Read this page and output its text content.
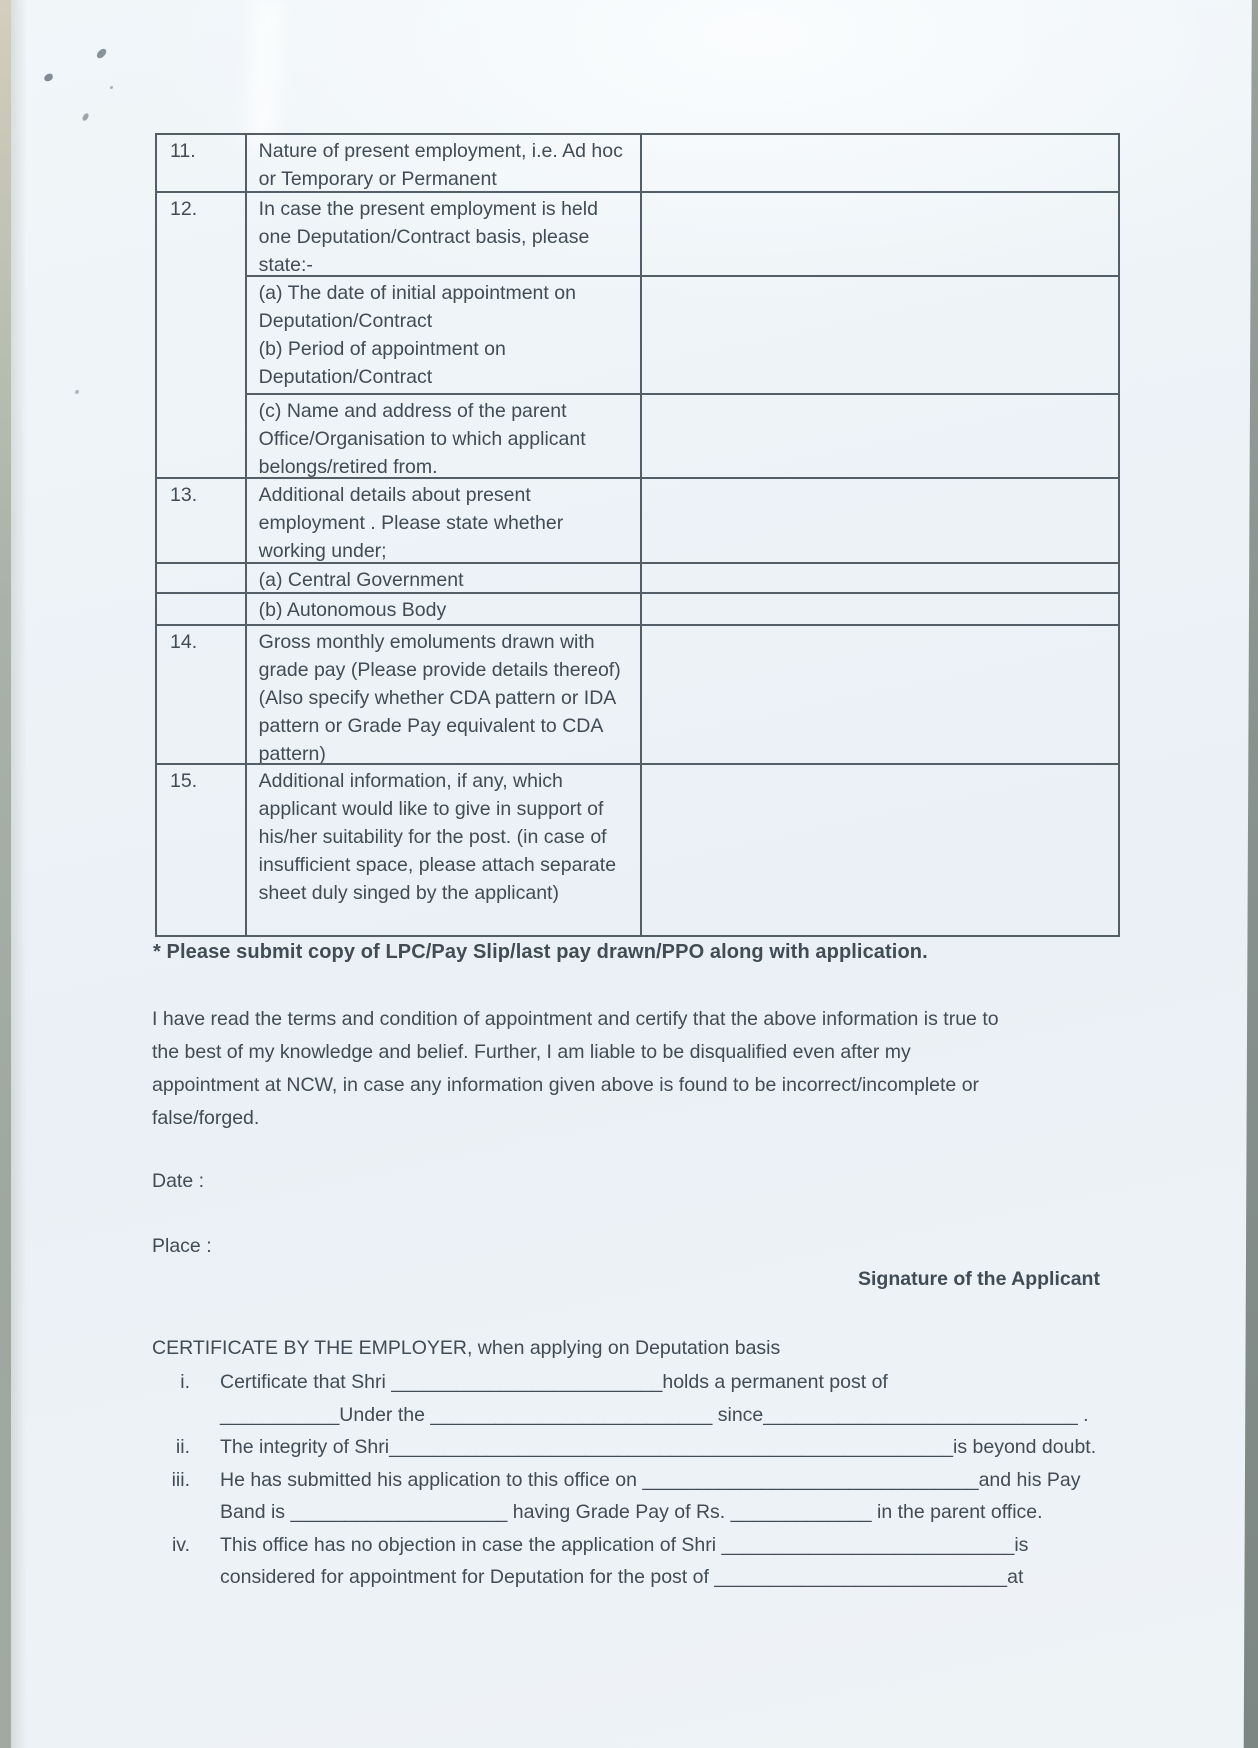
11.	Nature of present employment, i.e. Ad hoc or Temporary or Permanent
12.	In case the present employment is held one Deputation/Contract basis, please state:-
(a) The date of initial appointment on Deputation/Contract
(b) Period of appointment on Deputation/Contract
(c) Name and address of the parent Office/Organisation to which applicant belongs/retired from.
13.	Additional details about present employment . Please state whether working under;
(a) Central Government
(b) Autonomous Body
14.	Gross monthly emoluments drawn with grade pay (Please provide details thereof) (Also specify whether CDA pattern or IDA pattern or Grade Pay equivalent to CDA pattern)
15.	Additional information, if any, which applicant would like to give in support of his/her suitability for the post. (in case of insufficient space, please attach separate sheet duly singed by the applicant)
* Please submit copy of LPC/Pay Slip/last pay drawn/PPO along with application.
I have read the terms and condition of appointment and certify that the above information is true to
the best of my knowledge and belief. Further, I am liable to be disqualified even after my
appointment at NCW, in case any information given above is found to be incorrect/incomplete or
false/forged.
Date :
Place :
Signature of the Applicant
CERTIFICATE BY THE EMPLOYER, when applying on Deputation basis
i. Certificate that Shri _________________________holds a permanent post of
___________Under the __________________________ since_____________________________ .
ii. The integrity of Shri____________________________________________________is beyond doubt.
iii. He has submitted his application to this office on _______________________________and his Pay
Band is ____________________ having Grade Pay of Rs. _____________ in the parent office.
iv. This office has no objection in case the application of Shri ___________________________is
considered for appointment for Deputation for the post of ___________________________at
